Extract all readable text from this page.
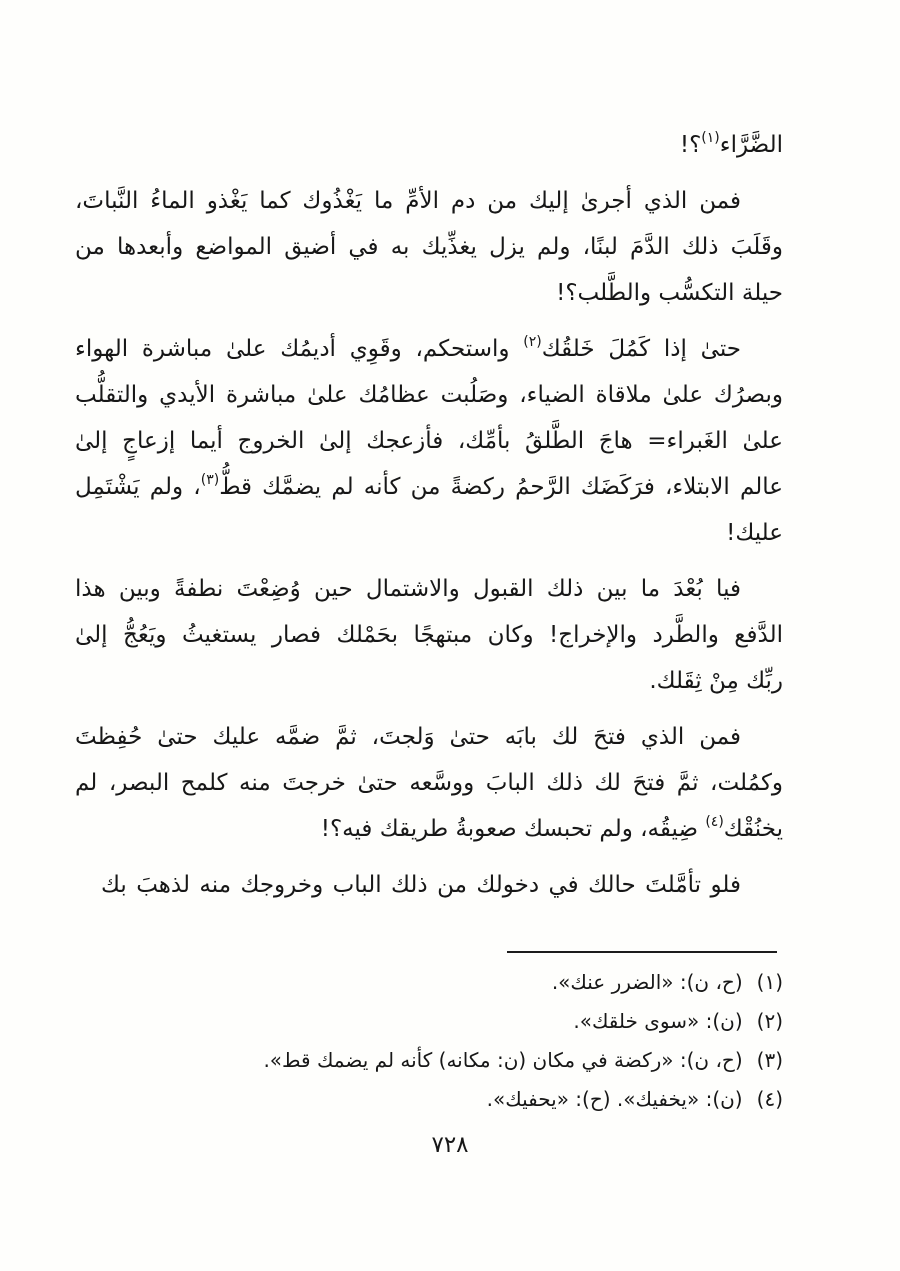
الضَّرَّاء$^{(١)}$؟!
فمن الذي أجرىٰ إليك من دم الأمِّ ما يَغْذُوك كما يَغْذو الماءُ النَّباتَ،
وقَلَبَ ذلك الدَّمَ لبنًا، ولم يزل يغذِّيك به في أضيق المواضع وأبعدها من
حيلة التكسُّب والطَّلب؟!
حتىٰ إذا كَمُلَ خَلقُك$^{(٢)}$ واستحكم، وقَوِي أديمُك علىٰ مباشرة الهواء
وبصرُك علىٰ ملاقاة الضياء، وصَلُبت عظامُك علىٰ مباشرة الأيدي والتقلُّب
علىٰ الغَبراء= هاجَ الطَّلقُ بأمِّك، فأزعجك إلىٰ الخروج أيما إزعاجٍ إلىٰ
عالم الابتلاء، فرَكَضَك الرَّحمُ ركضةً من كأنه لم يضمَّك قطُّ$^{(٣)}$، ولم يَشْتَمِل
عليك!
فيا بُعْدَ ما بين ذلك القبول والاشتمال حين وُضِعْتَ نطفةً وبين هذا
الدَّفع والطَّرد والإخراج! وكان مبتهجًا بحَمْلك فصار يستغيثُ ويَعُجُّ إلىٰ
ربِّك مِنْ ثِقَلك.
فمن الذي فتحَ لك بابَه حتىٰ وَلجتَ، ثمَّ ضمَّه عليك حتىٰ حُفِظتَ
وكمُلت، ثمَّ فتحَ لك ذلك البابَ ووسَّعه حتىٰ خرجتَ منه كلمح البصر، لم
يخنُقْك$^{(٤)}$ ضِيقُه، ولم تحبسك صعوبةُ طريقك فيه؟!
فلو تأمَّلتَ حالك في دخولك من ذلك الباب وخروجك منه لذهبَ بك
(١)
(ح، ن): «الضرر عنك».
(٢)
(ن): «سوى خلقك».
(٣)
(ح، ن): «ركضة في مكان (ن: مكانه) كأنه لم يضمك قط».
(٤)
(ن): «يخفيك». (ح): «يحفيك».
٧٢٨
